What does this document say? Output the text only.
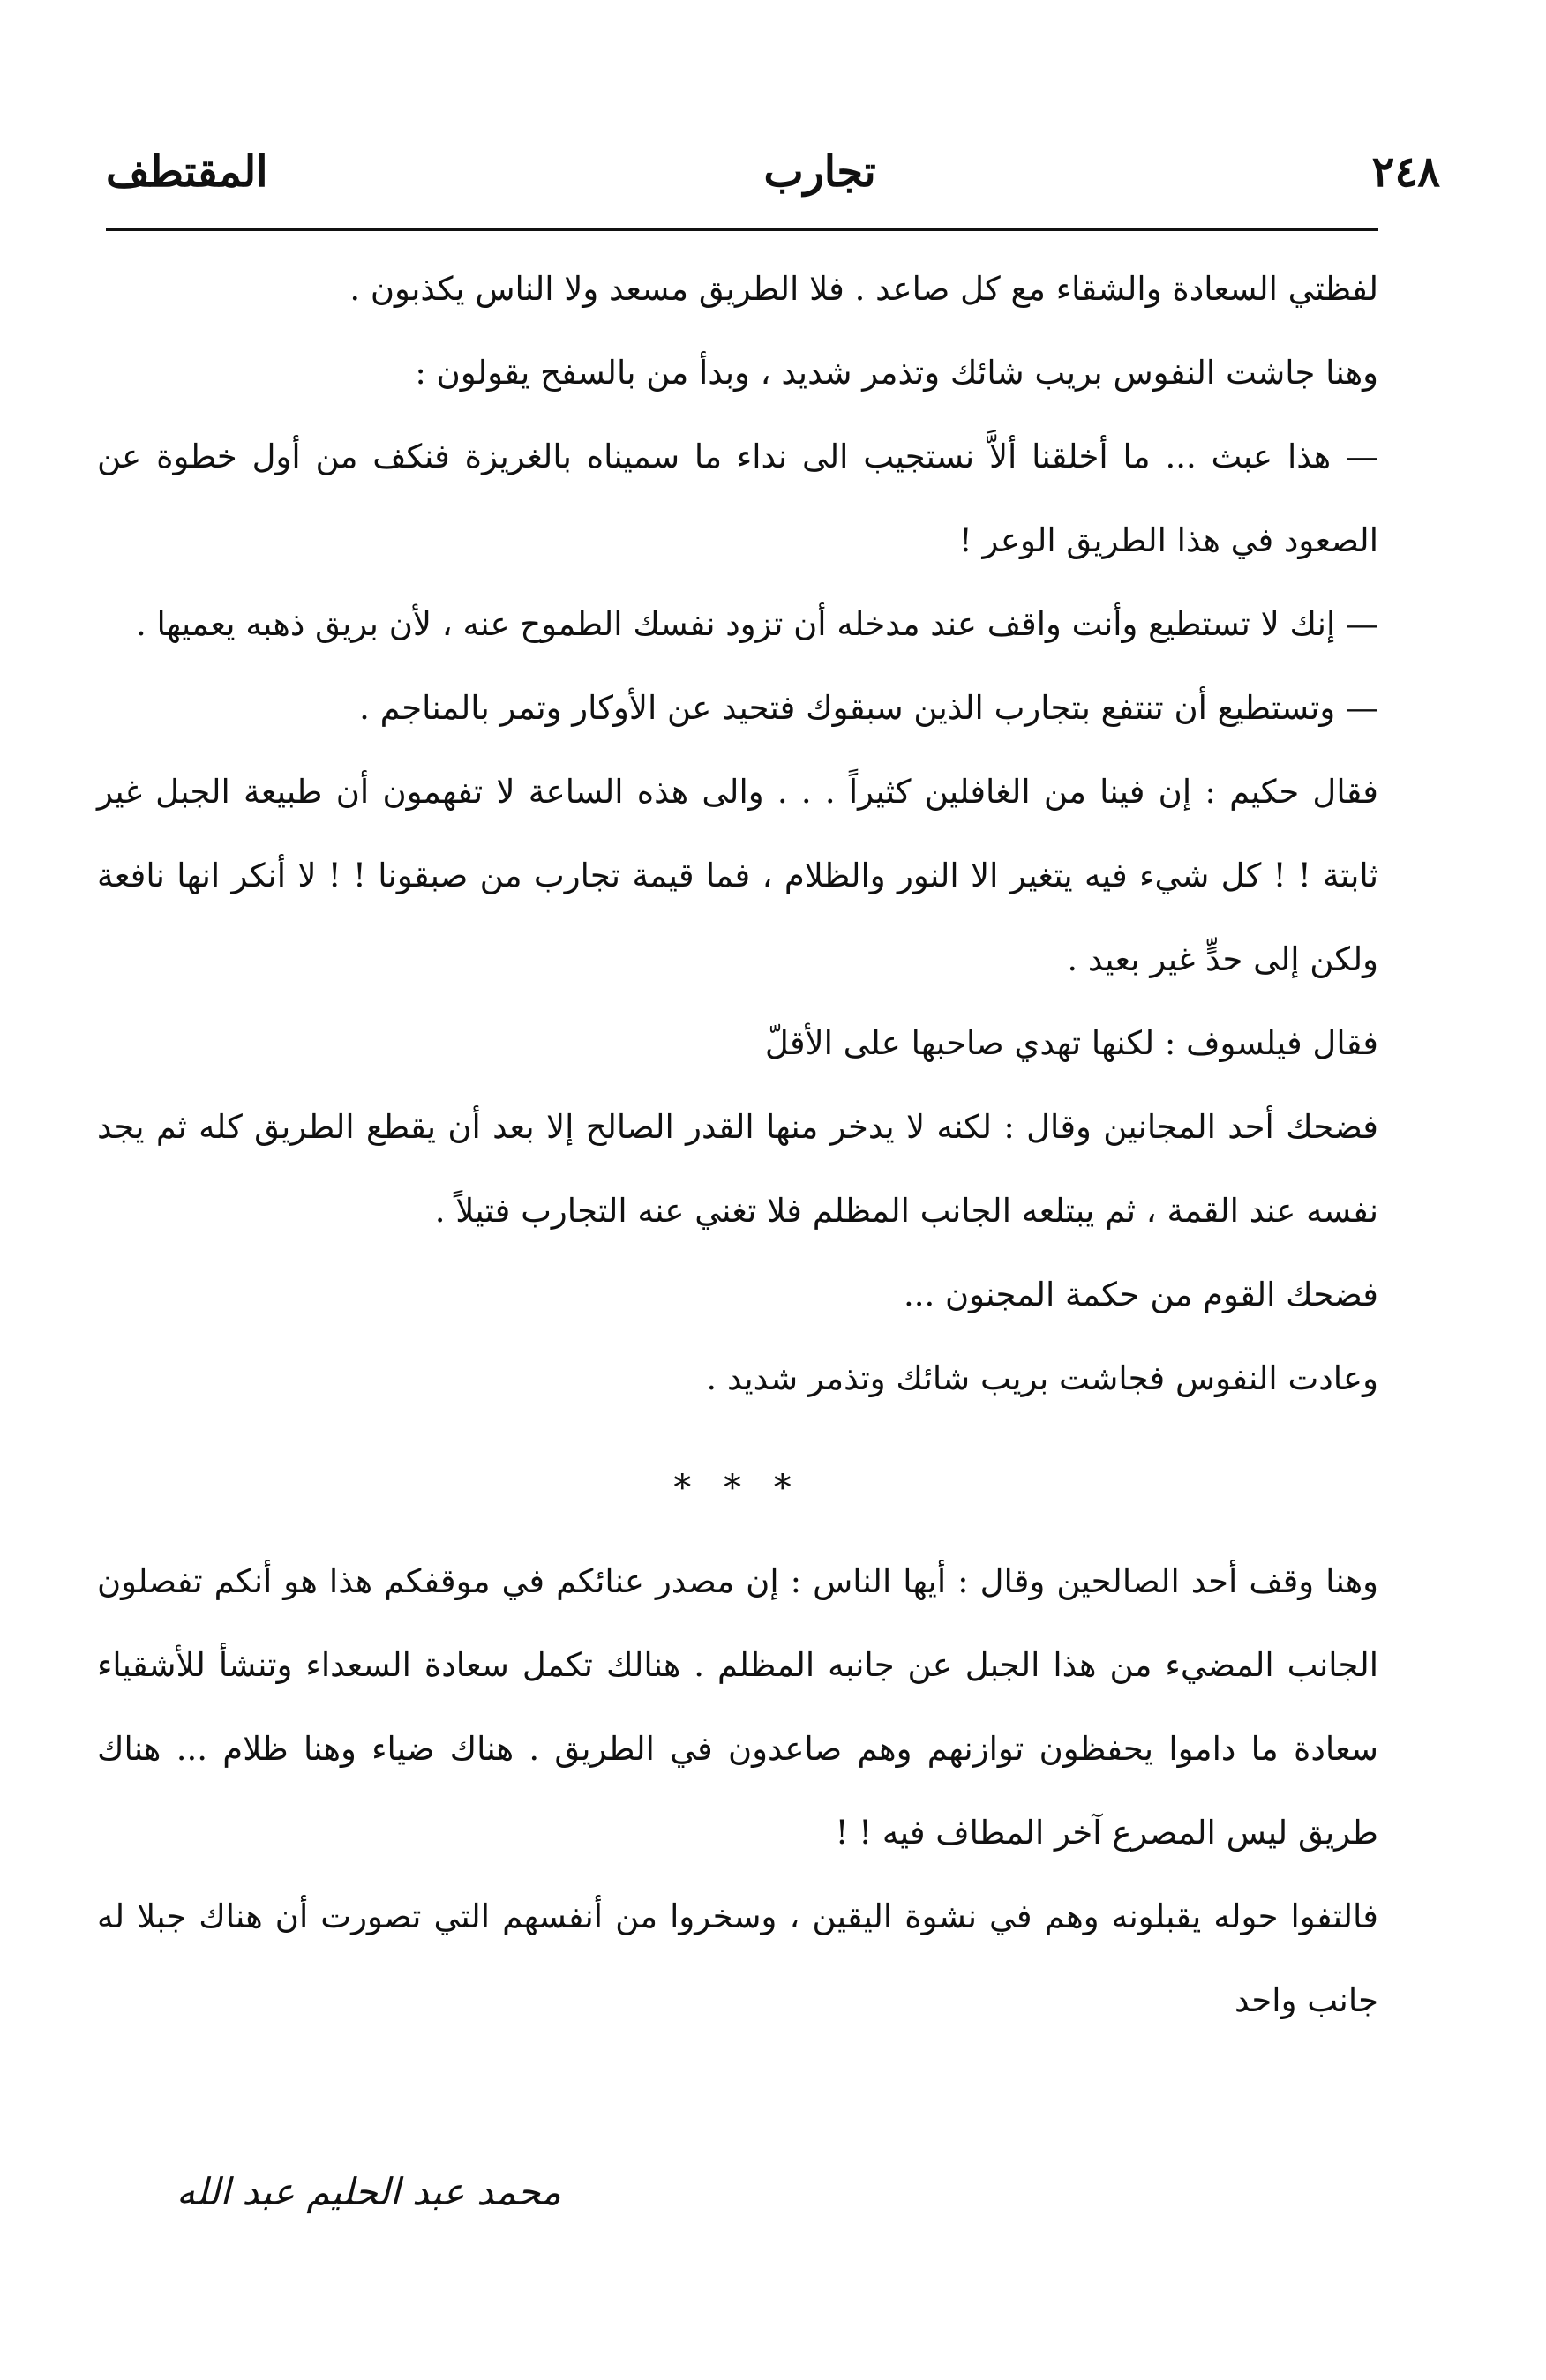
٢٤٨
تجارب
المقتطف

لفظتي السعادة والشقاء مع كل صاعد . فلا الطريق مسعد ولا الناس يكذبون .

وهنا جاشت النفوس بريب شائك وتذمر شديد ، وبدأ من بالسفح يقولون :

— هذا عبث ... ما أخلقنا ألاَّ نستجيب الى نداء ما سميناه بالغريزة فنكف من أول خطوة عن الصعود في هذا الطريق الوعر !

— إنك لا تستطيع وأنت واقف عند مدخله أن تزود نفسك الطموح عنه ، لأن بريق ذهبه يعميها .

— وتستطيع أن تنتفع بتجارب الذين سبقوك فتحيد عن الأوكار وتمر بالمناجم .

فقال حكيم : إن فينا من الغافلين كثيراً . . . والى هذه الساعة لا تفهمون أن طبيعة الجبل غير ثابتة ! ! كل شيء فيه يتغير الا النور والظلام ، فما قيمة تجارب من صبقونا ! ! لا أنكر انها نافعة ولكن إلى حدٍّ غير بعيد .

فقال فيلسوف : لكنها تهدي صاحبها على الأقلّ

فضحك أحد المجانين وقال : لكنه لا يدخر منها القدر الصالح إلا بعد أن يقطع الطريق كله ثم يجد نفسه عند القمة ، ثم يبتلعه الجانب المظلم فلا تغني عنه التجارب فتيلاً .

فضحك القوم من حكمة المجنون ...

وعادت النفوس فجاشت بريب شائك وتذمر شديد .

* * *

وهنا وقف أحد الصالحين وقال : أيها الناس : إن مصدر عنائكم في موقفكم هذا هو أنكم تفصلون الجانب المضيء من هذا الجبل عن جانبه المظلم . هنالك تكمل سعادة السعداء وتنشأ للأشقياء سعادة ما داموا يحفظون توازنهم وهم صاعدون في الطريق . هناك ضياء وهنا ظلام ... هناك طريق ليس المصرع آخر المطاف فيه ! !

فالتفوا حوله يقبلونه وهم في نشوة اليقين ، وسخروا من أنفسهم التي تصورت أن هناك جبلا له جانب واحد

محمد عبد الحليم عبد الله
